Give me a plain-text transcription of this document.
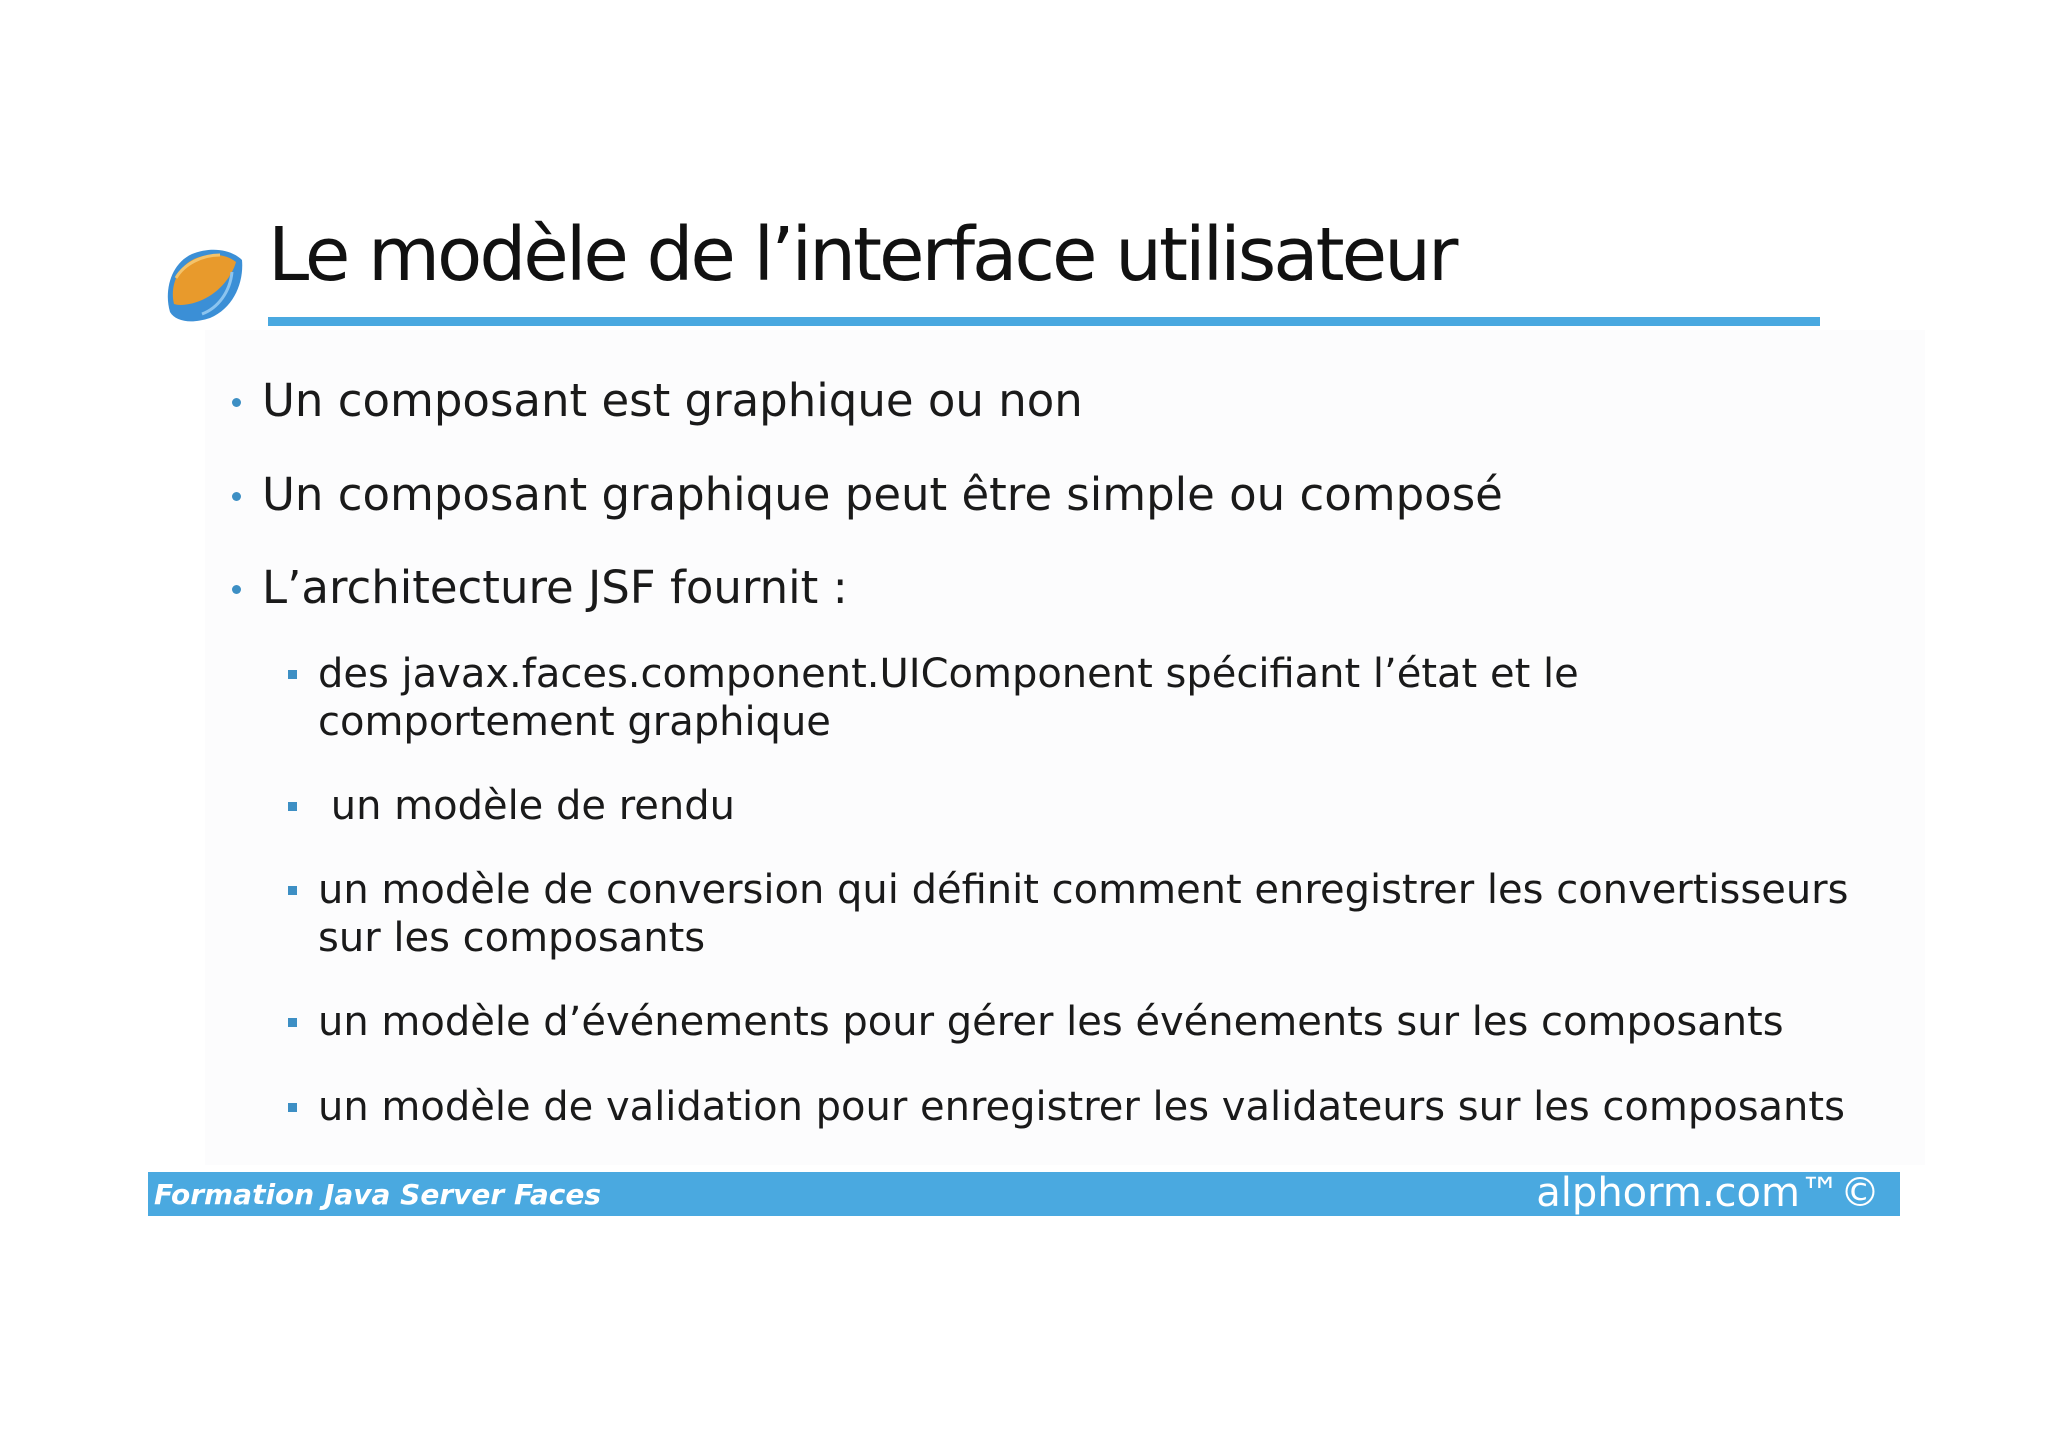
Le modèle de l’interface utilisateur
Un composant est graphique ou non
Un composant graphique peut être simple ou composé
L’architecture JSF fournit :
des javax.faces.component.UIComponent spécifiant l’état et le comportement graphique
un modèle de rendu
un modèle de conversion qui définit comment enregistrer les convertisseurs sur les composants
un modèle d’événements pour gérer les événements sur les composants
un modèle de validation pour enregistrer les validateurs sur les composants
Formation Java Server Faces	alphorm.com™©
